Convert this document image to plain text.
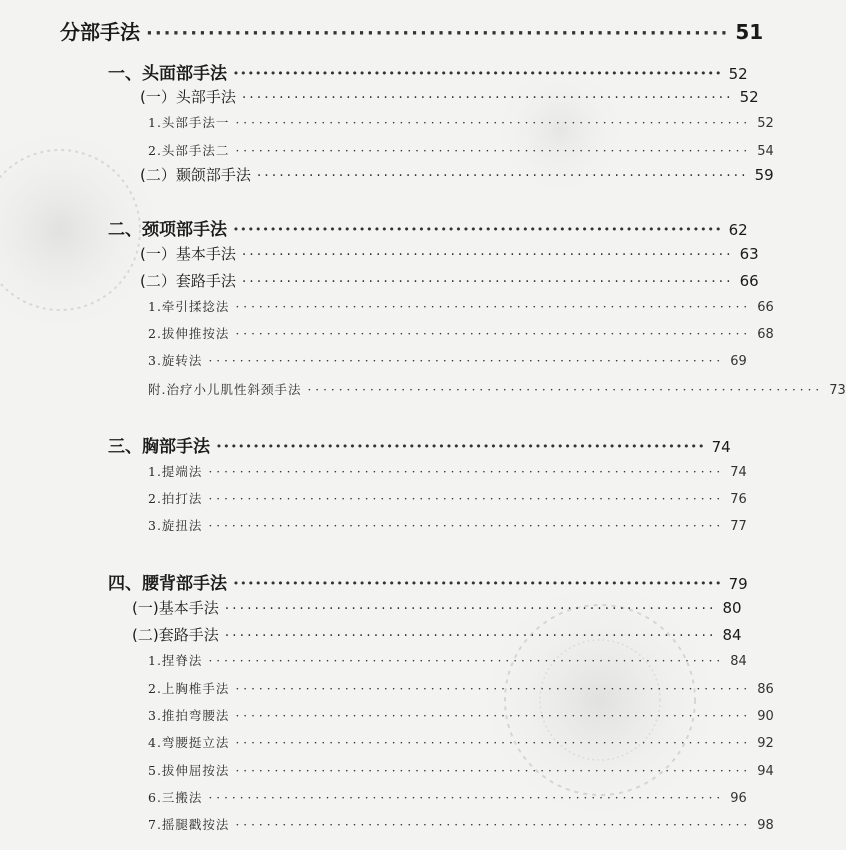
分部手法 ·································································· 51
一、头面部手法 ·································································· 52
(一）头部手法 ·································································· 52
1.头部手法一 ·································································· 52
2.头部手法二 ·································································· 54
(二）颞颌部手法 ·································································· 59
二、颈项部手法 ·································································· 62
(一）基本手法 ·································································· 63
(二）套路手法 ·································································· 66
1.牵引揉捻法 ·································································· 66
2.拔伸推按法 ·································································· 68
3.旋转法 ·································································· 69
附.治疗小儿肌性斜颈手法 ·································································· 73
三、胸部手法 ·································································· 74
1.提端法 ·································································· 74
2.拍打法 ·································································· 76
3.旋扭法 ·································································· 77
四、腰背部手法 ·································································· 79
(一)基本手法 ·································································· 80
(二)套路手法 ·································································· 84
1.捏脊法 ·································································· 84
2.上胸椎手法 ·································································· 86
3.推拍弯腰法 ·································································· 90
4.弯腰挺立法 ·································································· 92
5.拔伸屈按法 ·································································· 94
6.三搬法 ·································································· 96
7.摇腿戳按法 ·································································· 98
